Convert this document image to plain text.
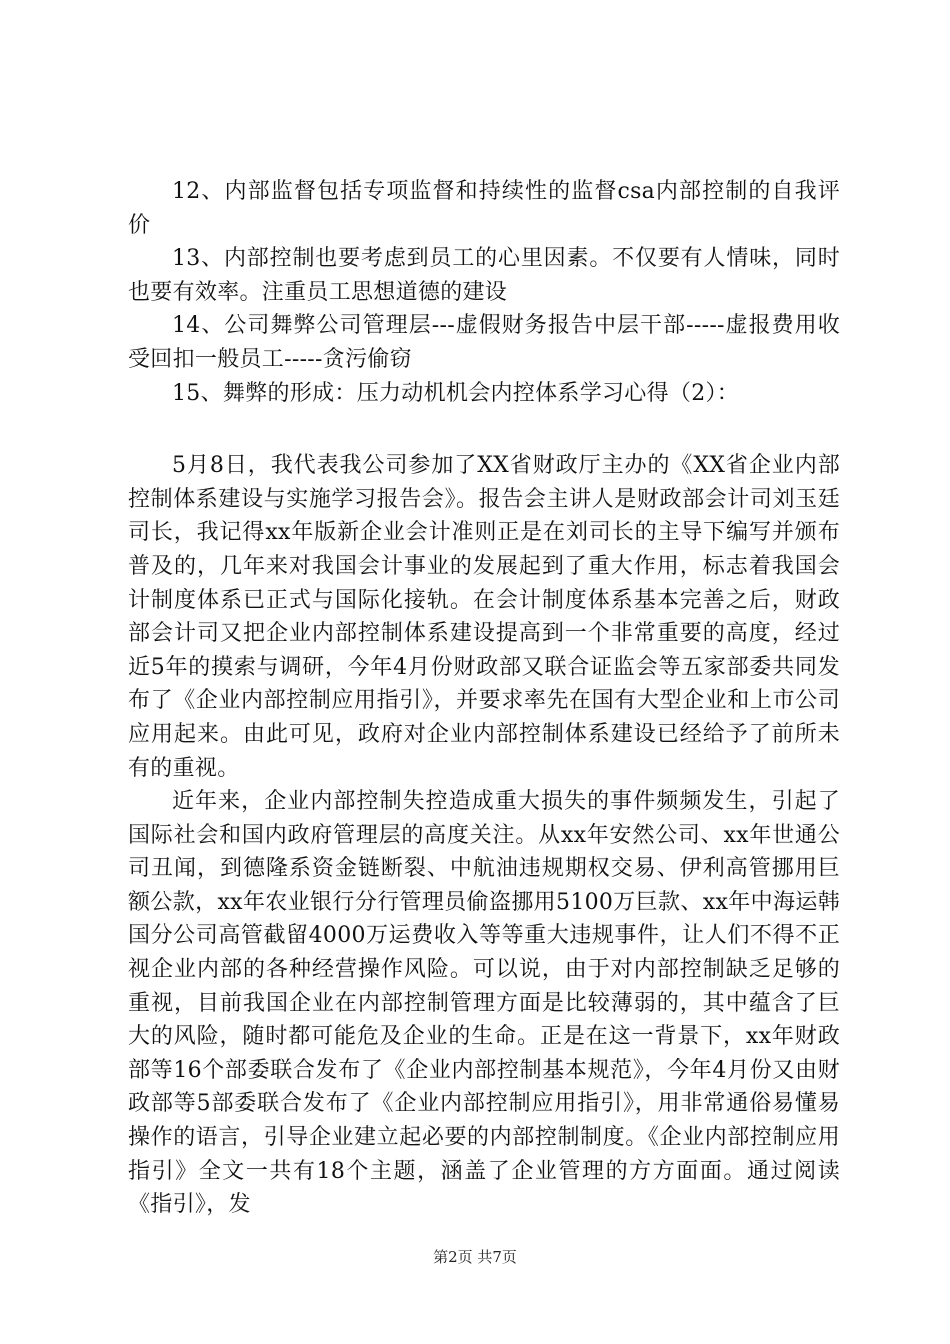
12、内部监督包括专项监督和持续性的监督csa内部控制的自我评价

13、内部控制也要考虑到员工的心里因素。不仅要有人情味，同时也要有效率。注重员工思想道德的建设

14、公司舞弊公司管理层---虚假财务报告中层干部-----虚报费用收受回扣一般员工-----贪污偷窃

15、舞弊的形成：压力动机机会内控体系学习心得（2）：

5月8日，我代表我公司参加了XX省财政厅主办的《XX省企业内部控制体系建设与实施学习报告会》。报告会主讲人是财政部会计司刘玉廷司长，我记得xx年版新企业会计准则正是在刘司长的主导下编写并颁布普及的，几年来对我国会计事业的发展起到了重大作用，标志着我国会计制度体系已正式与国际化接轨。在会计制度体系基本完善之后，财政部会计司又把企业内部控制体系建设提高到一个非常重要的高度，经过近5年的摸索与调研，今年4月份财政部又联合证监会等五家部委共同发布了《企业内部控制应用指引》，并要求率先在国有大型企业和上市公司应用起来。由此可见，政府对企业内部控制体系建设已经给予了前所未有的重视。

近年来，企业内部控制失控造成重大损失的事件频频发生，引起了国际社会和国内政府管理层的高度关注。从xx年安然公司、xx年世通公司丑闻，到德隆系资金链断裂、中航油违规期权交易、伊利高管挪用巨额公款，xx年农业银行分行管理员偷盗挪用5100万巨款、xx年中海运韩国分公司高管截留4000万运费收入等等重大违规事件，让人们不得不正视企业内部的各种经营操作风险。可以说，由于对内部控制缺乏足够的重视，目前我国企业在内部控制管理方面是比较薄弱的，其中蕴含了巨大的风险，随时都可能危及企业的生命。正是在这一背景下，xx年财政部等16个部委联合发布了《企业内部控制基本规范》，今年4月份又由财政部等5部委联合发布了《企业内部控制应用指引》，用非常通俗易懂易操作的语言，引导企业建立起必要的内部控制制度。《企业内部控制应用指引》全文一共有18个主题，涵盖了企业管理的方方面面。通过阅读《指引》，发

第2页 共7页
